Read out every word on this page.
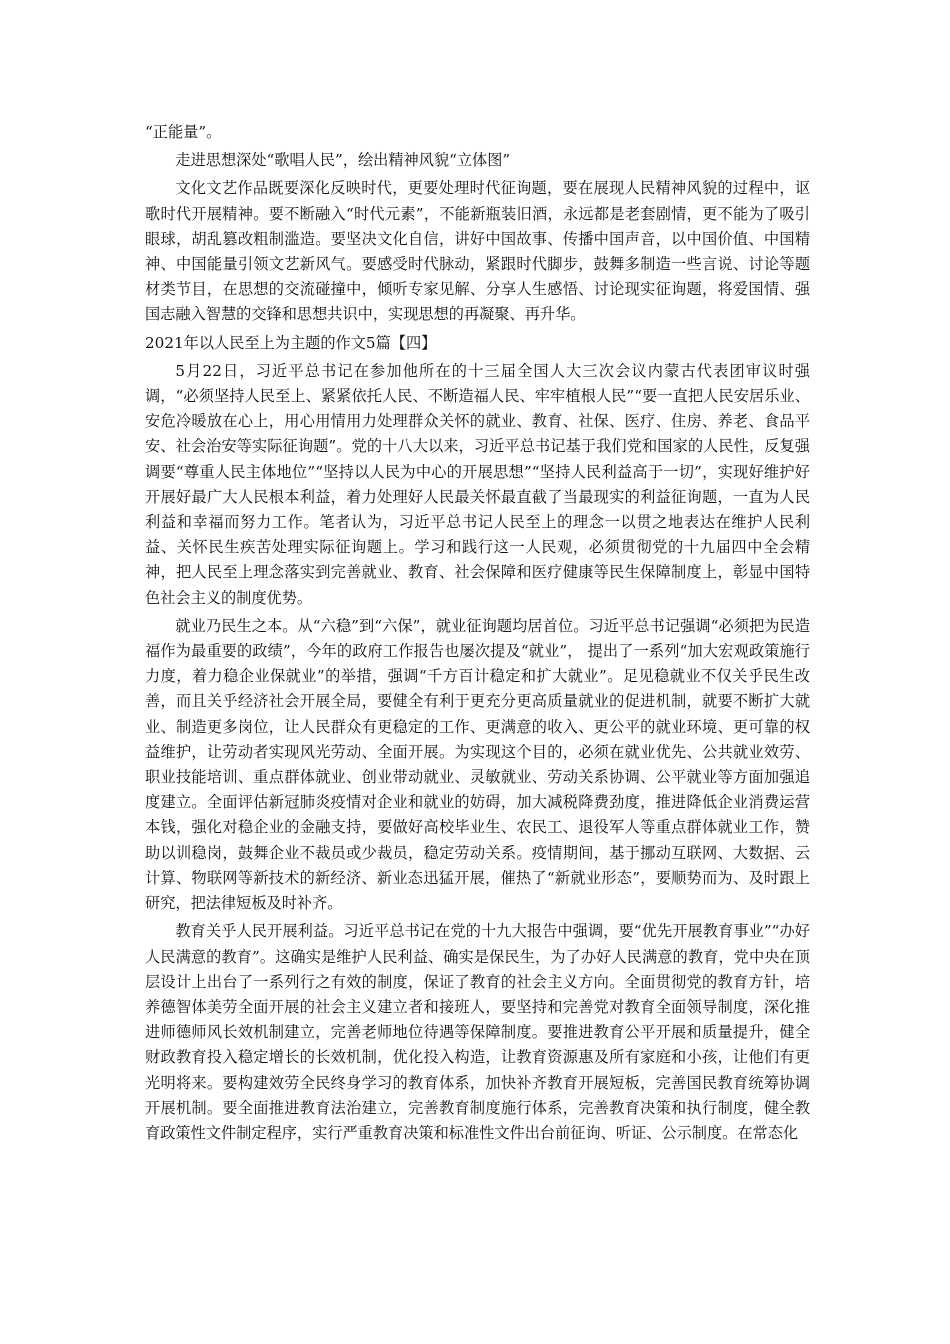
“正能量”。

走进思想深处“歌唱人民”，绘出精神风貌“立体图”

文化文艺作品既要深化反映时代，更要处理时代征询题，要在展现人民精神风貌的过程中，讴歌时代开展精神。要不断融入“时代元素”，不能新瓶装旧酒，永远都是老套剧情，更不能为了吸引眼球，胡乱篡改粗制滥造。要坚决文化自信，讲好中国故事、传播中国声音，以中国价值、中国精神、中国能量引领文艺新风气。要感受时代脉动，紧跟时代脚步，鼓舞多制造一些言说、讨论等题材类节目，在思想的交流碰撞中，倾听专家见解、分享人生感悟、讨论现实征询题，将爱国情、强国志融入智慧的交锋和思想共识中，实现思想的再凝聚、再升华。

2021年以人民至上为主题的作文5篇【四】

5月22日，习近平总书记在参加他所在的十三届全国人大三次会议内蒙古代表团审议时强调，“必须坚持人民至上、紧紧依托人民、不断造福人民、牢牢植根人民”“要一直把人民安居乐业、安危冷暖放在心上，用心用情用力处理群众关怀的就业、教育、社保、医疗、住房、养老、食品平安、社会治安等实际征询题”。党的十八大以来，习近平总书记基于我们党和国家的人民性，反复强调要“尊重人民主体地位”“坚持以人民为中心的开展思想”“坚持人民利益高于一切”，实现好维护好开展好最广大人民根本利益，着力处理好人民最关怀最直截了当最现实的利益征询题，一直为人民利益和幸福而努力工作。笔者认为，习近平总书记人民至上的理念一以贯之地表达在维护人民利益、关怀民生疾苦处理实际征询题上。学习和践行这一人民观，必须贯彻党的十九届四中全会精神，把人民至上理念落实到完善就业、教育、社会保障和医疗健康等民生保障制度上，彰显中国特色社会主义的制度优势。

就业乃民生之本。从“六稳”到“六保”，就业征询题均居首位。习近平总书记强调“必须把为民造福作为最重要的政绩”，今年的政府工作报告也屡次提及“就业”， 提出了一系列“加大宏观政策施行力度，着力稳企业保就业”的举措，强调“千方百计稳定和扩大就业”。足见稳就业不仅关乎民生改善，而且关乎经济社会开展全局，要健全有利于更充分更高质量就业的促进机制，就要不断扩大就业、制造更多岗位，让人民群众有更稳定的工作、更满意的收入、更公平的就业环境、更可靠的权益维护，让劳动者实现风光劳动、全面开展。为实现这个目的，必须在就业优先、公共就业效劳、职业技能培训、重点群体就业、创业带动就业、灵敏就业、劳动关系协调、公平就业等方面加强追度建立。全面评估新冠肺炎疫情对企业和就业的妨碍，加大减税降费劲度，推进降低企业消费运营本钱，强化对稳企业的金融支持，要做好高校毕业生、农民工、退役军人等重点群体就业工作，赞助以训稳岗，鼓舞企业不裁员或少裁员，稳定劳动关系。疫情期间，基于挪动互联网、大数据、云计算、物联网等新技术的新经济、新业态迅猛开展，催热了“新就业形态”，要顺势而为、及时跟上研究，把法律短板及时补齐。

教育关乎人民开展利益。习近平总书记在党的十九大报告中强调，要“优先开展教育事业”“办好人民满意的教育”。这确实是维护人民利益、确实是保民生，为了办好人民满意的教育，党中央在顶层设计上出台了一系列行之有效的制度，保证了教育的社会主义方向。全面贯彻党的教育方针，培养德智体美劳全面开展的社会主义建立者和接班人，要坚持和完善党对教育全面领导制度，深化推进师德师风长效机制建立，完善老师地位待遇等保障制度。要推进教育公平开展和质量提升，健全财政教育投入稳定增长的长效机制，优化投入构造，让教育资源惠及所有家庭和小孩，让他们有更光明将来。要构建效劳全民终身学习的教育体系，加快补齐教育开展短板，完善国民教育统筹协调开展机制。要全面推进教育法治建立，完善教育制度施行体系，完善教育决策和执行制度，健全教育政策性文件制定程序，实行严重教育决策和标准性文件出台前征询、听证、公示制度。在常态化
